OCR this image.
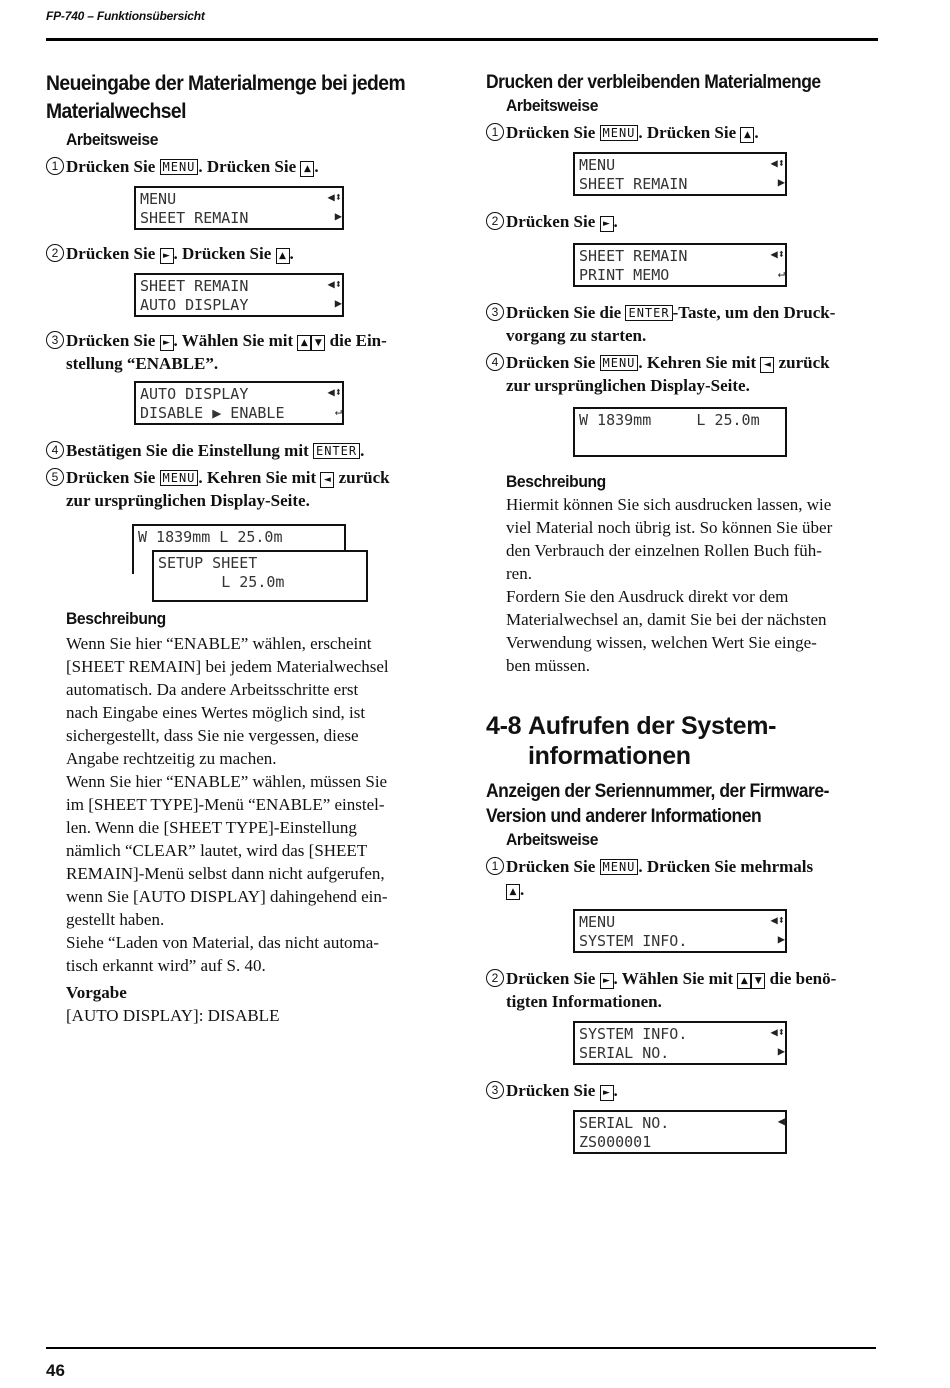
FP-740 – Funktionsübersicht
Neueingabe der Materialmenge bei jedem
Materialwechsel
Arbeitsweise
1 Drücken Sie MENU . Drücken Sie ▲ .
MENU	◀⬍
SHEET REMAIN	▶
2 Drücken Sie ► . Drücken Sie ▲ .
SHEET REMAIN	◀⬍
AUTO DISPLAY	▶
3 Drücken Sie ► . Wählen Sie mit ▲ ▼ die Ein-
stellung “ENABLE”.
AUTO DISPLAY	◀⬍
DISABLE ▶ ENABLE	↵
4 Bestätigen Sie die Einstellung mit ENTER .
5 Drücken Sie MENU . Kehren Sie mit ◄ zurück
zur ursprünglichen Display-Seite.
W 1839mm L 25.0m
SETUP SHEET
L 25.0m
Beschreibung

Wenn Sie hier “ENABLE” wählen, erscheint

[SHEET REMAIN] bei jedem Materialwechsel

automatisch. Da andere Arbeitsschritte erst

nach Eingabe eines Wertes möglich sind, ist

sichergestellt, dass Sie nie vergessen, diese

Angabe rechtzeitig zu machen.

Wenn Sie hier “ENABLE” wählen, müssen Sie

im [SHEET TYPE]-Menü “ENABLE” einstel-

len. Wenn die [SHEET TYPE]-Einstellung

nämlich “CLEAR” lautet, wird das [SHEET

REMAIN]-Menü selbst dann nicht aufgerufen,

wenn Sie [AUTO DISPLAY] dahingehend ein-

gestellt haben.

Siehe “Laden von Material, das nicht automa-

tisch erkannt wird” auf S. 40.

Vorgabe
[AUTO DISPLAY]: DISABLE
Drucken der verbleibenden Materialmenge
Arbeitsweise
1 Drücken Sie MENU . Drücken Sie ▲ .
MENU	◀⬍
SHEET REMAIN	▶
2 Drücken Sie ► .
SHEET REMAIN	◀⬍
PRINT MEMO	↵
3 Drücken Sie die ENTER -Taste, um den Druck-
vorgang zu starten.
4 Drücken Sie MENU . Kehren Sie mit ◄ zurück
zur ursprünglichen Display-Seite.
W 1839mm     L 25.0m
Beschreibung

Hiermit können Sie sich ausdrucken lassen, wie

viel Material noch übrig ist. So können Sie über

den Verbrauch der einzelnen Rollen Buch füh-

ren.

Fordern Sie den Ausdruck direkt vor dem

Materialwechsel an, damit Sie bei der nächsten

Verwendung wissen, welchen Wert Sie einge-

ben müssen.

4-8 Aufrufen der System-
informationen
Anzeigen der Seriennummer, der Firmware-
Version und anderer Informationen
Arbeitsweise
1 Drücken Sie MENU . Drücken Sie mehrmals
▲ .
MENU	◀⬍
SYSTEM INFO.	▶
2 Drücken Sie ► . Wählen Sie mit ▲ ▼ die benö-
tigten Informationen.
SYSTEM INFO.	◀⬍
SERIAL NO.	▶
3 Drücken Sie ► .
SERIAL NO.	◀
ZS000001
46
